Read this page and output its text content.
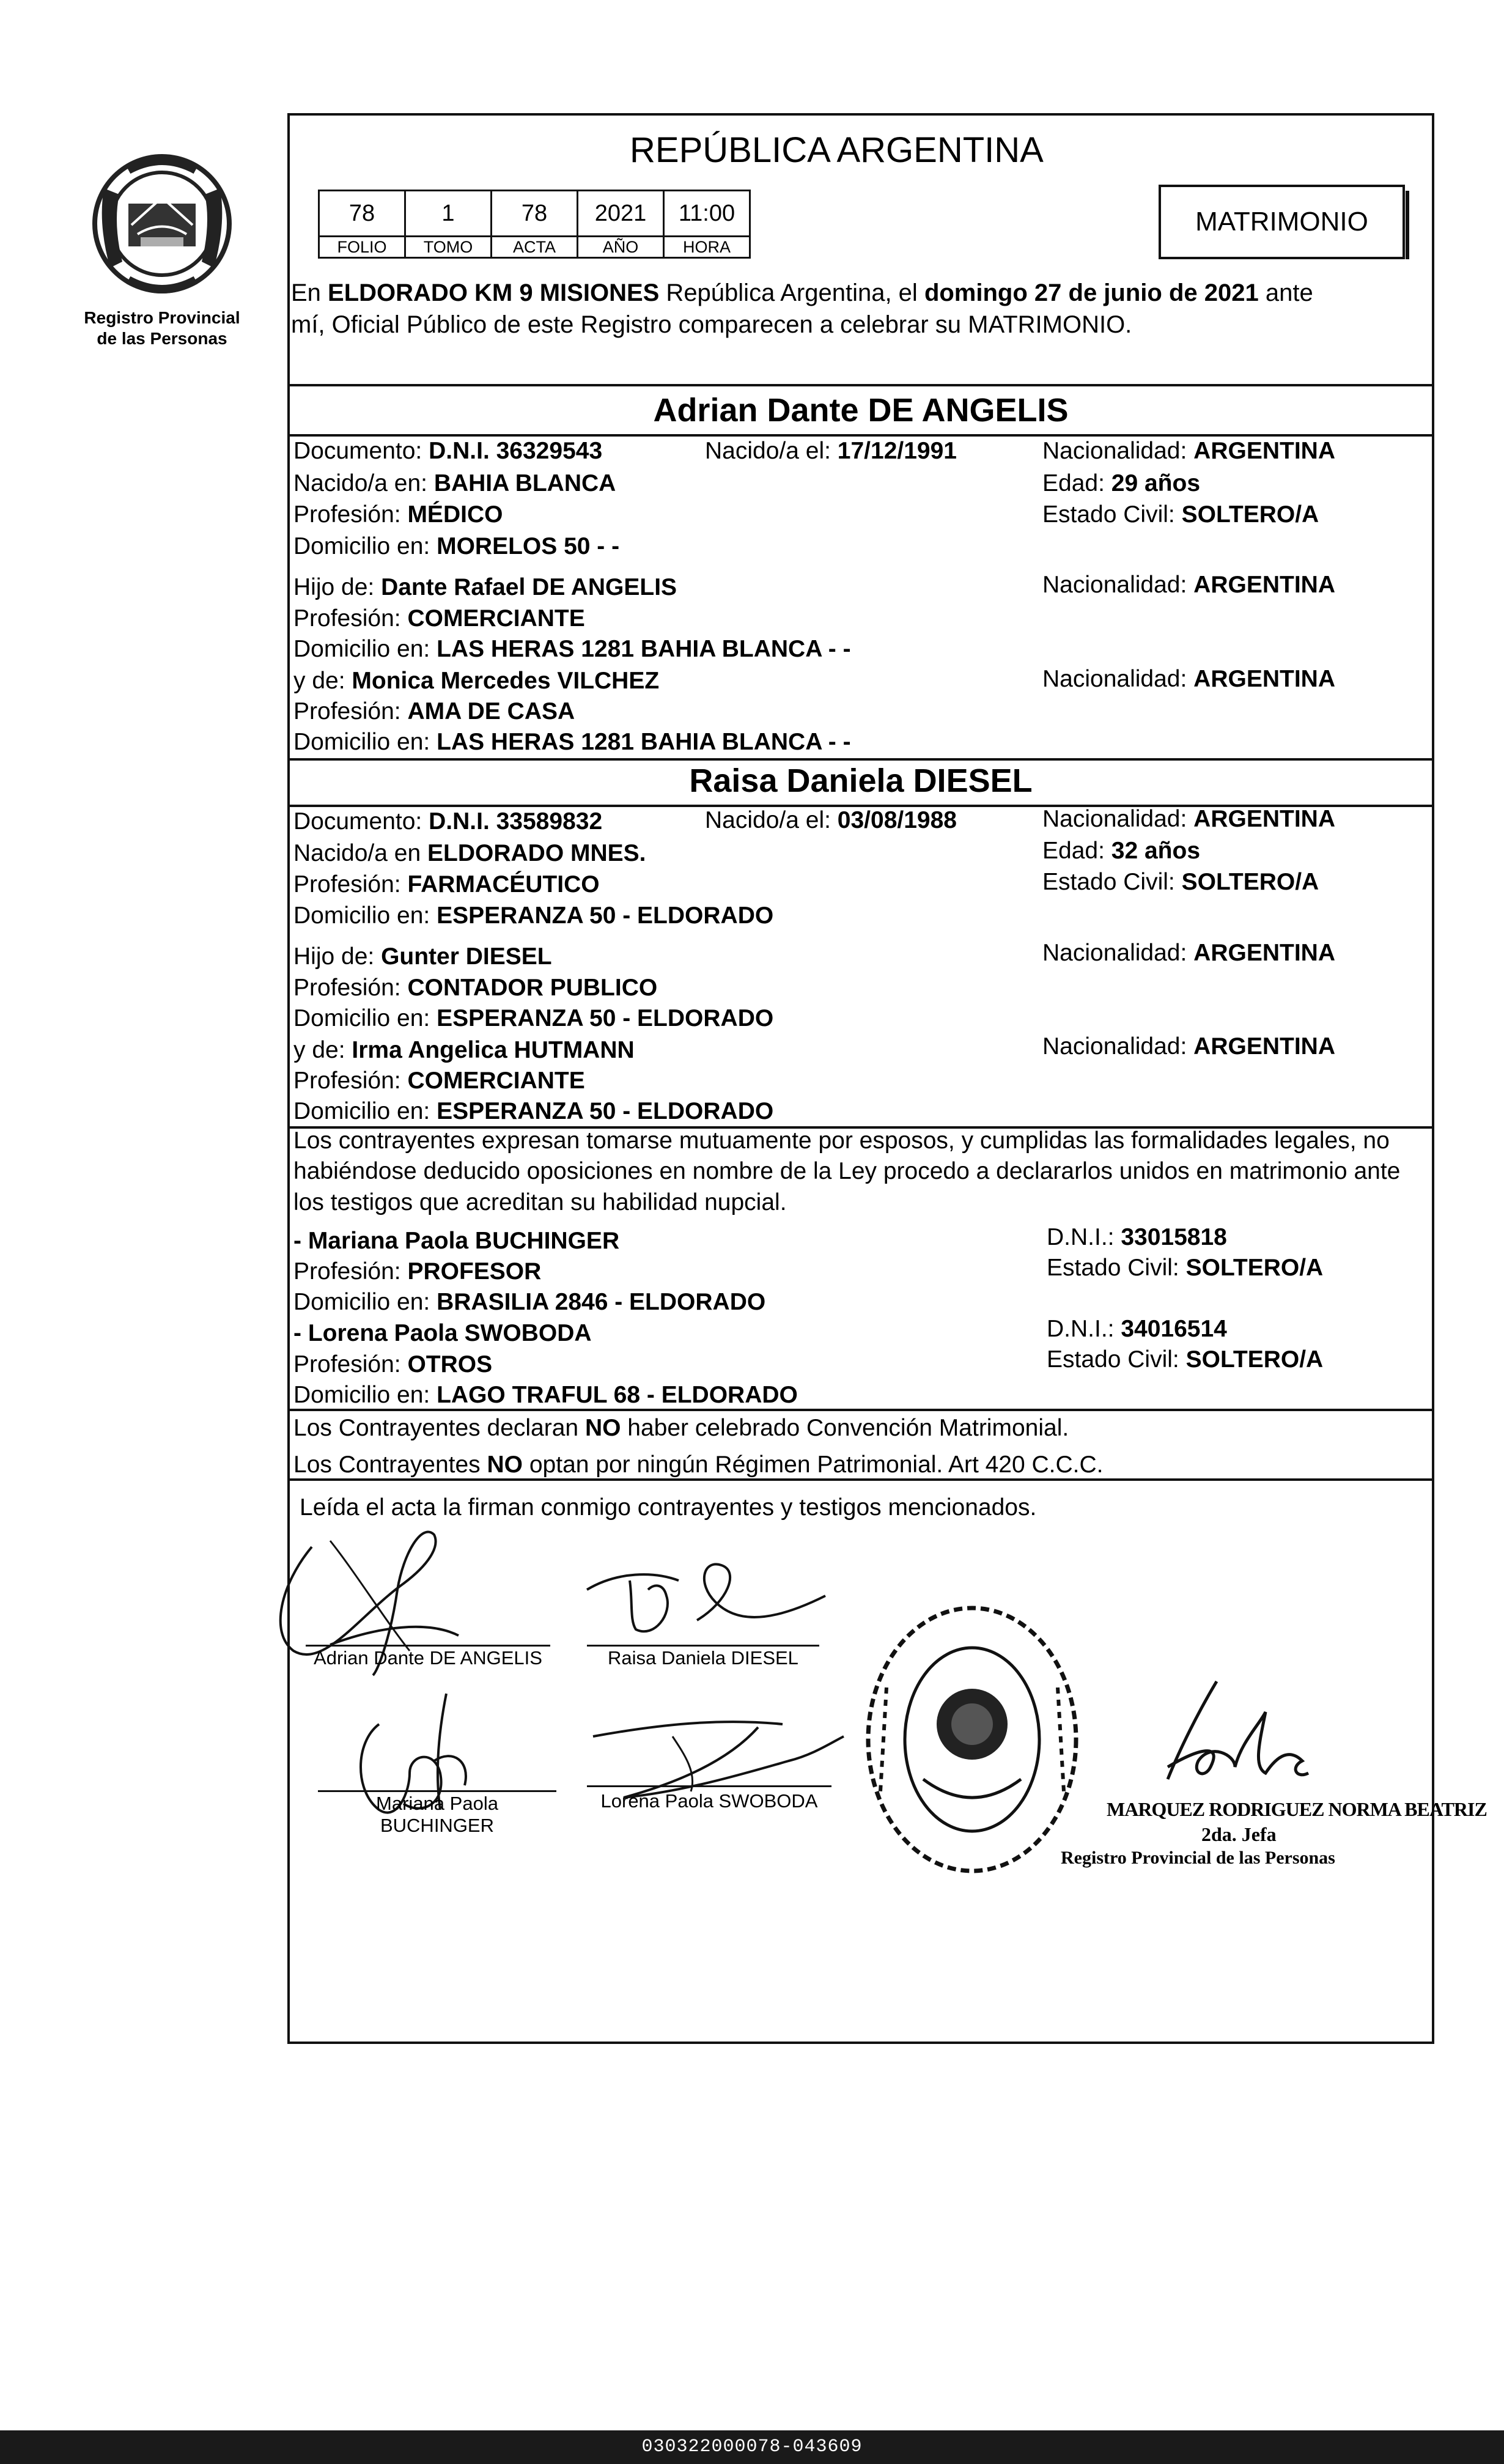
Registro Provincial
de las Personas
REPÚBLICA ARGENTINA
78	1	78	2021	11:00
FOLIO	TOMO	ACTA	AÑO	HORA
MATRIMONIO
En ELDORADO KM 9 MISIONES República Argentina, el domingo 27 de junio de 2021 ante
mí, Oficial Público de este Registro comparecen a celebrar su MATRIMONIO.
Adrian Dante DE ANGELIS
Documento: D.N.I. 36329543	Nacido/a el: 17/12/1991	Nacionalidad: ARGENTINA
Nacido/a en: BAHIA BLANCA	Edad: 29 años
Profesión: MÉDICO	Estado Civil: SOLTERO/A
Domicilio en: MORELOS 50 - -
Hijo de: Dante Rafael DE ANGELIS	Nacionalidad: ARGENTINA
Profesión: COMERCIANTE
Domicilio en: LAS HERAS 1281 BAHIA BLANCA - -
y de: Monica Mercedes VILCHEZ	Nacionalidad: ARGENTINA
Profesión: AMA DE CASA
Domicilio en: LAS HERAS 1281 BAHIA BLANCA - -
Raisa Daniela DIESEL
Documento: D.N.I. 33589832	Nacido/a el: 03/08/1988	Nacionalidad: ARGENTINA
Nacido/a en ELDORADO MNES.	Edad: 32 años
Profesión: FARMACÉUTICO	Estado Civil: SOLTERO/A
Domicilio en: ESPERANZA 50 - ELDORADO
Hijo de: Gunter DIESEL	Nacionalidad: ARGENTINA
Profesión: CONTADOR PUBLICO
Domicilio en: ESPERANZA 50 - ELDORADO
y de: Irma Angelica HUTMANN	Nacionalidad: ARGENTINA
Profesión: COMERCIANTE
Domicilio en: ESPERANZA 50 - ELDORADO
Los contrayentes expresan tomarse mutuamente por esposos, y cumplidas las formalidades legales, no
habiéndose deducido oposiciones en nombre de la Ley procedo a declararlos unidos en matrimonio ante
los testigos que acreditan su habilidad nupcial.
- Mariana Paola BUCHINGER	D.N.I.: 33015818
Profesión: PROFESOR	Estado Civil: SOLTERO/A
Domicilio en: BRASILIA 2846 - ELDORADO
- Lorena Paola SWOBODA	D.N.I.: 34016514
Profesión: OTROS	Estado Civil: SOLTERO/A
Domicilio en: LAGO TRAFUL 68 - ELDORADO
Los Contrayentes declaran NO haber celebrado Convención Matrimonial.
Los Contrayentes NO optan por ningún Régimen Patrimonial. Art 420 C.C.C.
Leída el acta la firman conmigo contrayentes y testigos mencionados.
Adrian Dante DE ANGELIS	Raisa Daniela DIESEL
Mariana Paola
BUCHINGER
Lorena Paola SWOBODA	MARQUEZ RODRIGUEZ NORMA BEATRIZ
2da. Jefa
Registro Provincial de las Personas
030322000078-043609
